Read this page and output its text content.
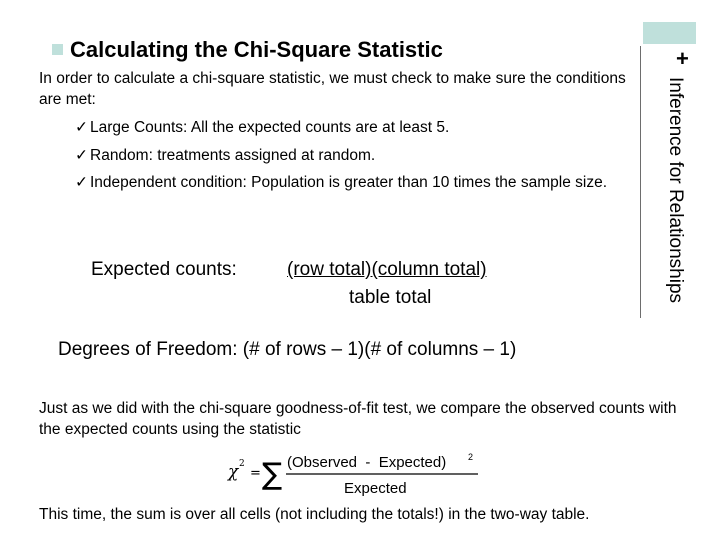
+
Inference for Relationships
Calculating the Chi-Square Statistic
In order to calculate a chi-square statistic, we must check to make sure the conditions are met:
✓ Large Counts: All the expected counts are at least 5.
✓ Random: treatments assigned at random.
✓ Independent condition: Population is greater than 10 times the sample size.
Expected counts:	(row total)(column total)
table total
Degrees of Freedom: (# of rows – 1)(# of columns – 1)
Just as we did with the chi-square goodness-of-fit test, we compare the observed counts with the expected counts using the statistic
χ 2
= ∑ (Observed  -  Expected) 2
Expected
This time, the sum is over all cells (not including the totals!) in the two-way table.
